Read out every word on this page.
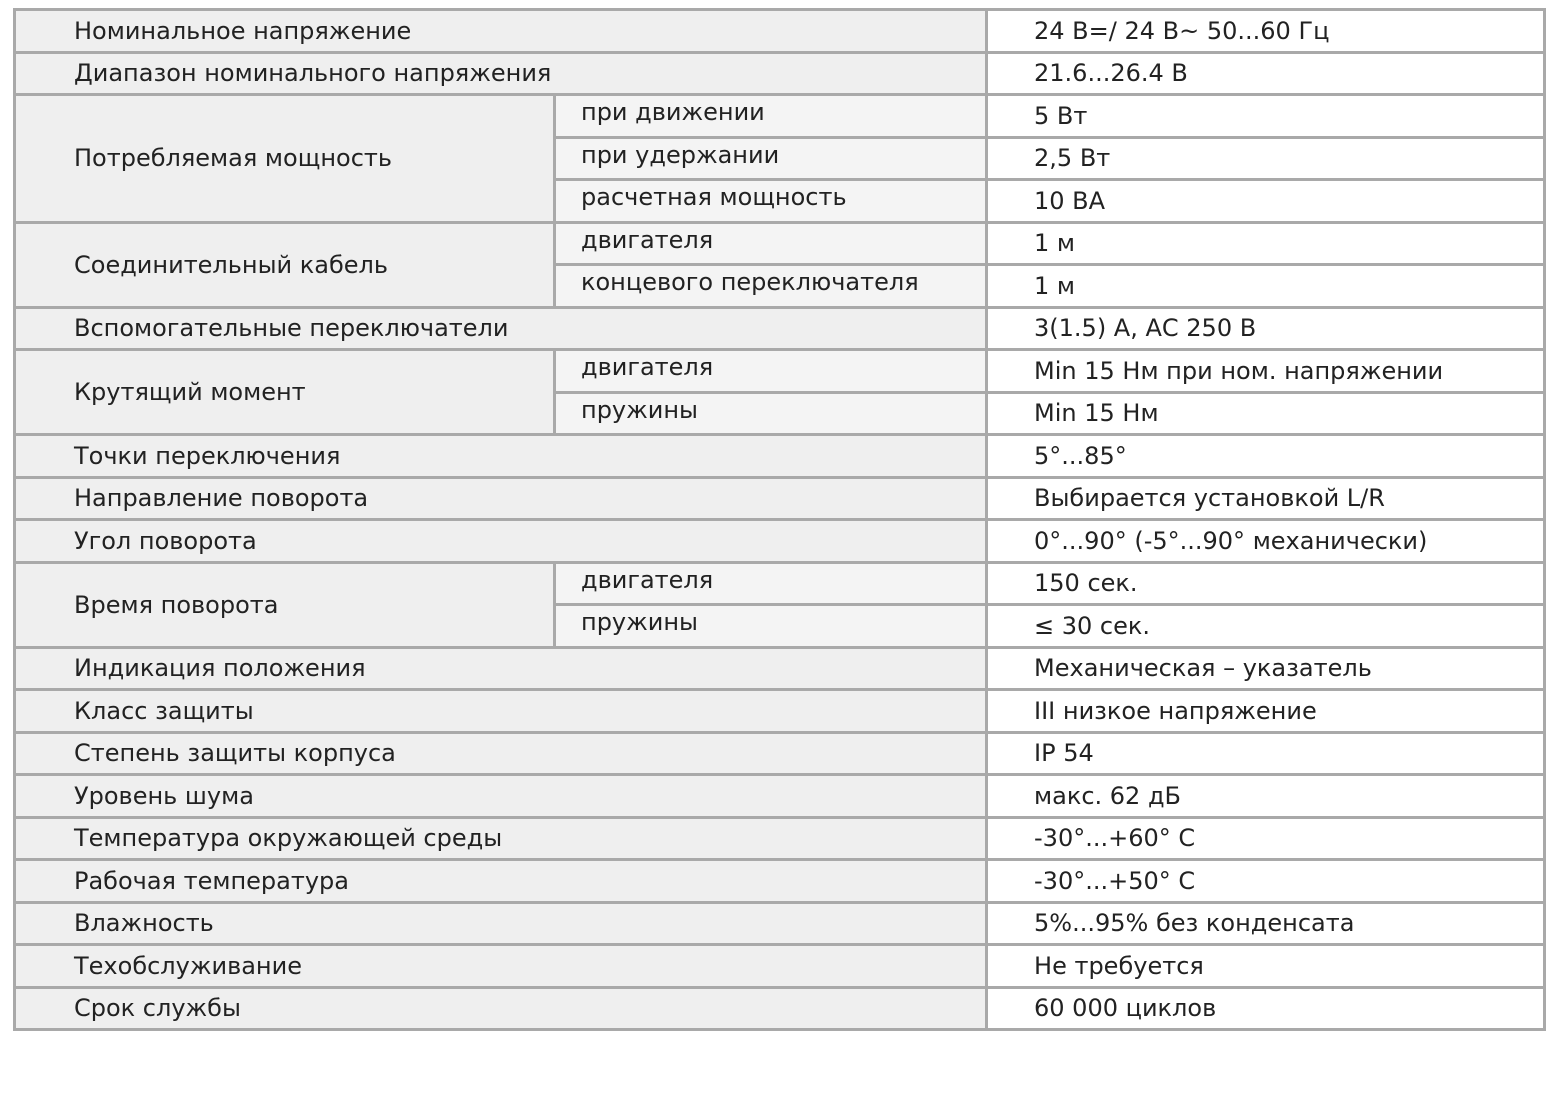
Номинальное напряжение		24 В=/ 24 В~ 50...60 Гц
Диапазон номинального напряжения		21.6...26.4 В
Потребляемая мощность	при движении	5 Вт
	при удержании	2,5 Вт
	расчетная мощность	10 ВА
Соединительный кабель	двигателя	1 м
	концевого переключателя	1 м
Вспомогательные переключатели		3(1.5) А, АС 250 В
Крутящий момент	двигателя	Min 15 Нм при ном. напряжении
	пружины	Min 15 Нм
Точки переключения		5°...85°
Направление поворота		Выбирается установкой L/R
Угол поворота		0°...90° (-5°...90° механически)
Время поворота	двигателя	150 сек.
	пружины	≤ 30 сек.
Индикация положения		Механическая – указатель
Класс защиты		III низкое напряжение
Степень защиты корпуса		IP 54
Уровень шума		макс. 62 дБ
Температура окружающей среды		-30°...+60° С
Рабочая температура		-30°...+50° С
Влажность		5%...95% без конденсата
Техобслуживание		Не требуется
Срок службы		60 000 циклов
